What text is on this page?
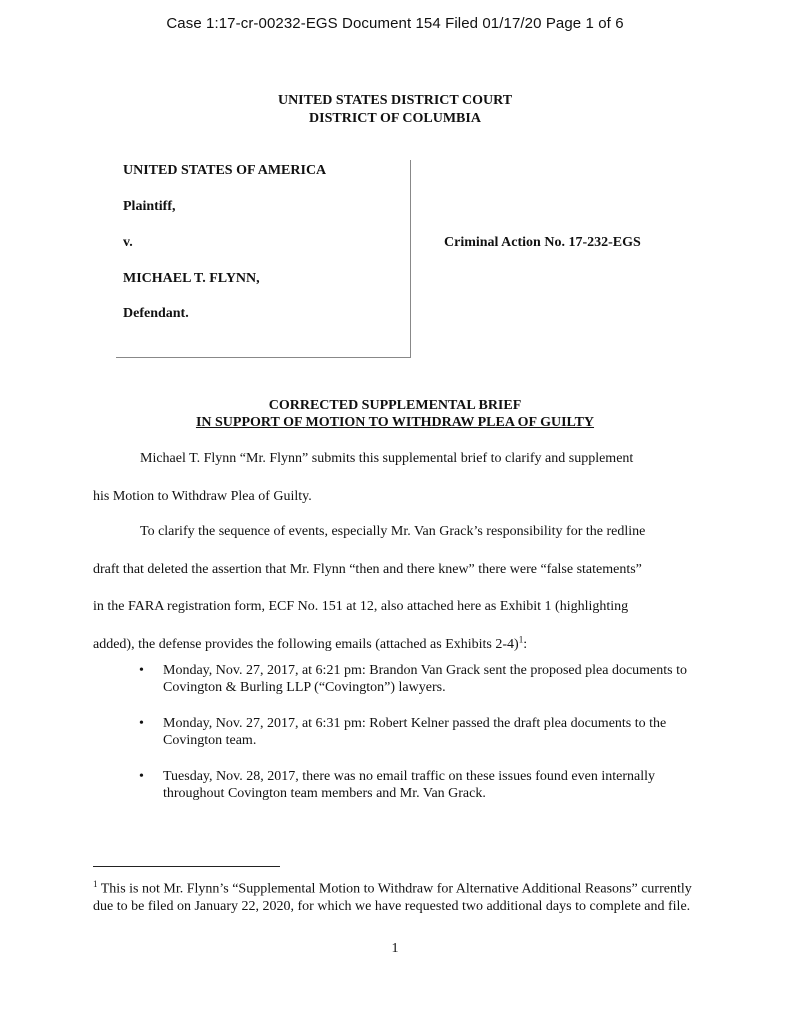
Case 1:17-cr-00232-EGS Document 154 Filed 01/17/20 Page 1 of 6
UNITED STATES DISTRICT COURT
DISTRICT OF COLUMBIA
UNITED STATES OF AMERICA
Plaintiff,
v.
MICHAEL T. FLYNN,
Defendant.
Criminal Action No. 17-232-EGS
CORRECTED SUPPLEMENTAL BRIEF
IN SUPPORT OF MOTION TO WITHDRAW PLEA OF GUILTY
Michael T. Flynn “Mr. Flynn” submits this supplemental brief to clarify and supplement
his Motion to Withdraw Plea of Guilty.
To clarify the sequence of events, especially Mr. Van Grack’s responsibility for the redline
draft that deleted the assertion that Mr. Flynn “then and there knew” there were “false statements”
in the FARA registration form, ECF No. 151 at 12, also attached here as Exhibit 1 (highlighting
added), the defense provides the following emails (attached as Exhibits 2-4)$^1$:
• Monday, Nov. 27, 2017, at 6:21 pm: Brandon Van Grack sent the proposed plea documents to Covington & Burling LLP (“Covington”) lawyers.
• Monday, Nov. 27, 2017, at 6:31 pm: Robert Kelner passed the draft plea documents to the Covington team.
• Tuesday, Nov. 28, 2017, there was no email traffic on these issues found even internally throughout Covington team members and Mr. Van Grack.
$^1$ This is not Mr. Flynn’s “Supplemental Motion to Withdraw for Alternative Additional Reasons” currently due to be filed on January 22, 2020, for which we have requested two additional days to complete and file.
1
